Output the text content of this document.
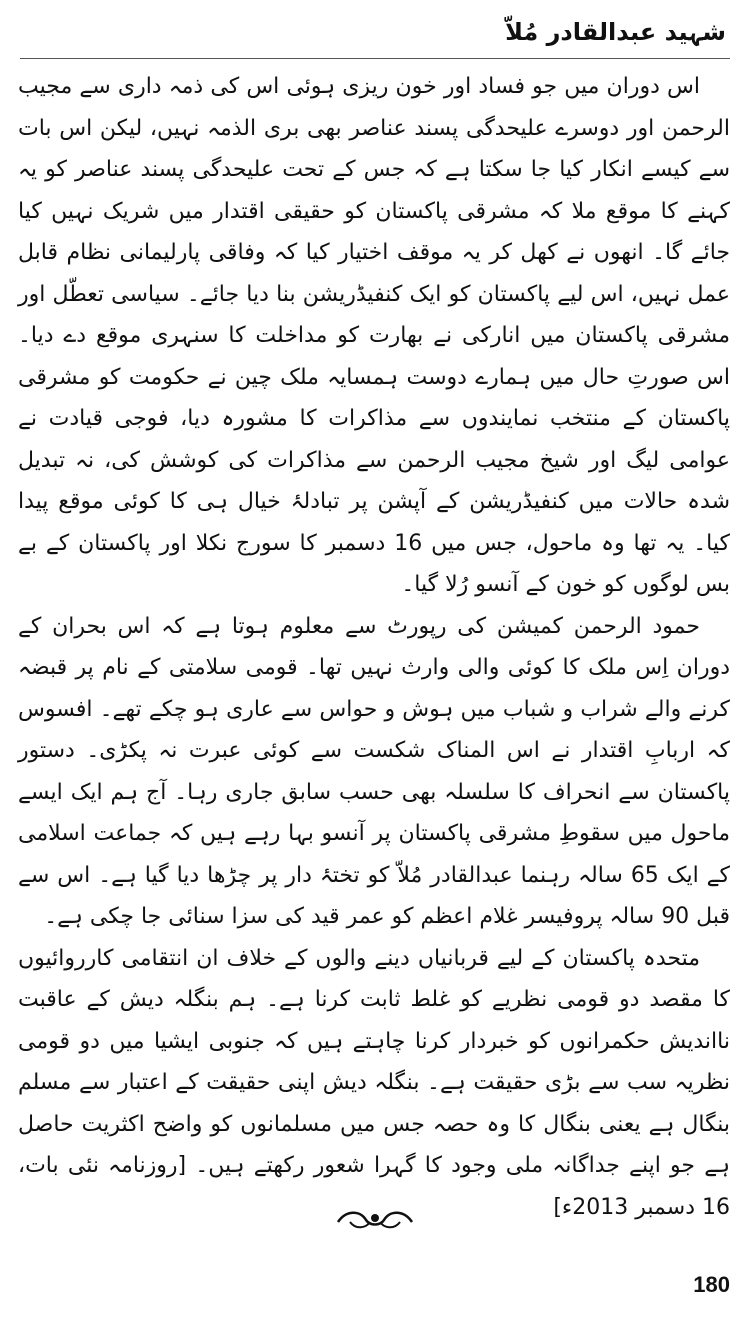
شہید عبدالقادر مُلاّ

اس دوران میں جو فساد اور خون ریزی ہوئی اس کی ذمہ داری سے مجیب الرحمن اور دوسرے علیحدگی پسند عناصر بھی بری الذمہ نہیں، لیکن اس بات سے کیسے انکار کیا جا سکتا ہے کہ جس کے تحت علیحدگی پسند عناصر کو یہ کہنے کا موقع ملا کہ مشرقی پاکستان کو حقیقی اقتدار میں شریک نہیں کیا جائے گا۔ انھوں نے کھل کر یہ موقف اختیار کیا کہ وفاقی پارلیمانی نظام قابل عمل نہیں، اس لیے پاکستان کو ایک کنفیڈریشن بنا دیا جائے۔ سیاسی تعطّل اور مشرقی پاکستان میں انارکی نے بھارت کو مداخلت کا سنہری موقع دے دیا۔ اس صورتِ حال میں ہمارے دوست ہمسایہ ملک چین نے حکومت کو مشرقی پاکستان کے منتخب نمایندوں سے مذاکرات کا مشورہ دیا، فوجی قیادت نے عوامی لیگ اور شیخ مجیب الرحمن سے مذاکرات کی کوشش کی، نہ تبدیل شدہ حالات میں کنفیڈریشن کے آپشن پر تبادلۂ خیال ہی کا کوئی موقع پیدا کیا۔ یہ تھا وہ ماحول، جس میں 16 دسمبر کا سورج نکلا اور پاکستان کے بے بس لوگوں کو خون کے آنسو رُلا گیا۔

حمود الرحمن کمیشن کی رپورٹ سے معلوم ہوتا ہے کہ اس بحران کے دوران اِس ملک کا کوئی والی وارث نہیں تھا۔ قومی سلامتی کے نام پر قبضہ کرنے والے شراب و شباب میں ہوش و حواس سے عاری ہو چکے تھے۔ افسوس کہ اربابِ اقتدار نے اس المناک شکست سے کوئی عبرت نہ پکڑی۔ دستور پاکستان سے انحراف کا سلسلہ بھی حسب سابق جاری رہا۔ آج ہم ایک ایسے ماحول میں سقوطِ مشرقی پاکستان پر آنسو بہا رہے ہیں کہ جماعت اسلامی کے ایک 65 سالہ رہنما عبدالقادر مُلاّ کو تختۂ دار پر چڑھا دیا گیا ہے۔ اس سے قبل 90 سالہ پروفیسر غلام اعظم کو عمر قید کی سزا سنائی جا چکی ہے۔

متحدہ پاکستان کے لیے قربانیاں دینے والوں کے خلاف ان انتقامی کارروائیوں کا مقصد دو قومی نظریے کو غلط ثابت کرنا ہے۔ ہم بنگلہ دیش کے عاقبت نااندیش حکمرانوں کو خبردار کرنا چاہتے ہیں کہ جنوبی ایشیا میں دو قومی نظریہ سب سے بڑی حقیقت ہے۔ بنگلہ دیش اپنی حقیقت کے اعتبار سے مسلم بنگال ہے یعنی بنگال کا وہ حصہ جس میں مسلمانوں کو واضح اکثریت حاصل ہے جو اپنے جداگانہ ملی وجود کا گہرا شعور رکھتے ہیں۔ [روزنامہ نئی بات، 16 دسمبر 2013ء]

180
